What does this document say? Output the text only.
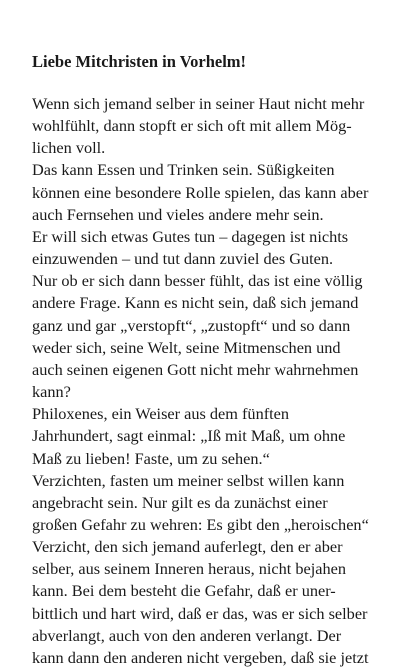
Liebe Mitchristen in Vorhelm!
Wenn sich jemand selber in seiner Haut nicht mehr
wohlfühlt, dann stopft er sich oft mit allem Mög-
lichen voll.
Das kann Essen und Trinken sein. Süßigkeiten
können eine besondere Rolle spielen, das kann aber
auch Fernsehen und vieles andere mehr sein.
Er will sich etwas Gutes tun – dagegen ist nichts
einzuwenden – und tut dann zuviel des Guten.
Nur ob er sich dann besser fühlt, das ist eine völlig
andere Frage. Kann es nicht sein, daß sich jemand
ganz und gar „verstopft“, „zustopft“ und so dann
weder sich, seine Welt, seine Mitmenschen und
auch seinen eigenen Gott nicht mehr wahrnehmen
kann?
Philoxenes, ein Weiser aus dem fünften
Jahrhundert, sagt einmal: „Iß mit Maß, um ohne
Maß zu lieben! Faste, um zu sehen.“
Verzichten, fasten um meiner selbst willen kann
angebracht sein. Nur gilt es da zunächst einer
großen Gefahr zu wehren: Es gibt den „heroischen“
Verzicht, den sich jemand auferlegt, den er aber
selber, aus seinem Inneren heraus, nicht bejahen
kann. Bei dem besteht die Gefahr, daß er uner-
bittlich und hart wird, daß er das, was er sich selber
abverlangt, auch von den anderen verlangt. Der
kann dann den anderen nicht vergeben, daß sie jetzt
